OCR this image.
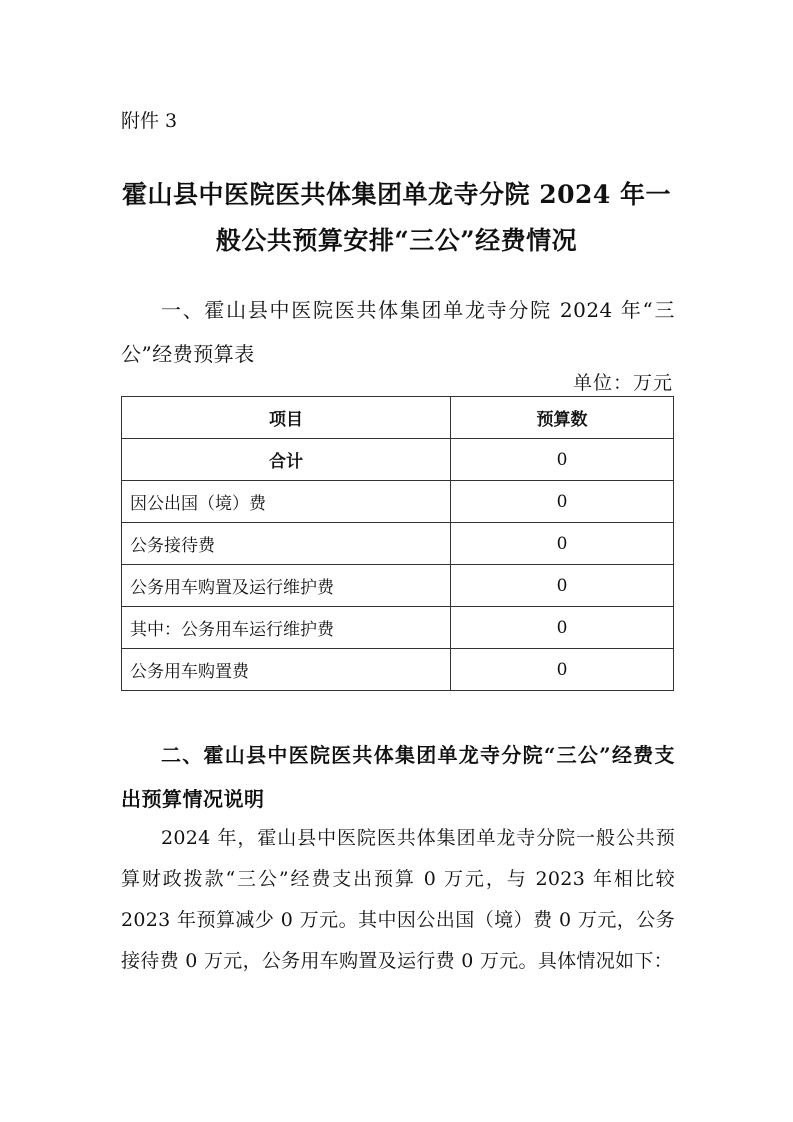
附件 3
霍山县中医院医共体集团单龙寺分院 2024 年一般公共预算安排“三公”经费情况
一、霍山县中医院医共体集团单龙寺分院 2024 年“三公”经费预算表
单位：万元
项目	预算数
合计	0
因公出国（境）费	0
公务接待费	0
公务用车购置及运行维护费	0
其中：公务用车运行维护费	0
公务用车购置费	0
二、霍山县中医院医共体集团单龙寺分院“三公”经费支出预算情况说明
2024 年，霍山县中医院医共体集团单龙寺分院一般公共预算财政拨款“三公”经费支出预算 0 万元，与 2023 年相比较 2023 年预算减少 0 万元。其中因公出国（境）费 0 万元，公务接待费 0 万元，公务用车购置及运行费 0 万元。具体情况如下：
